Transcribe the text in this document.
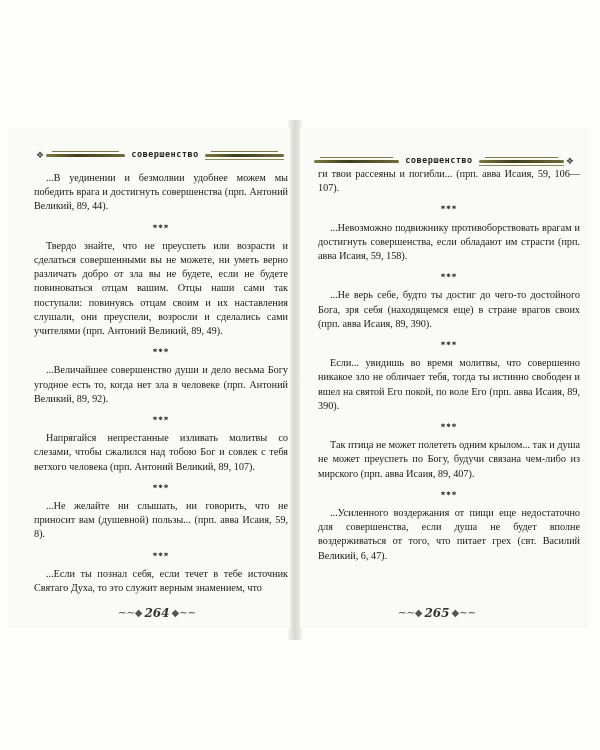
❖	совершенство

...В уединении и безмолвии удобнее можем мы победить врага и достигнуть совершенства (прп. Антоний Великий, 89, 44).

***

Твердо знайте, что не преуспеть или возрасти и сделаться совершенными вы не можете, ни уметь верно различать добро от зла вы не будете, если не будете повиноваться отцам вашим. Отцы наши сами так поступали: повинуясь отцам своим и их наставления слушали, они преуспели, возросли и сделались сами учителями (прп. Антоний Великий, 89, 49).

***

...Величайшее совершенство души и дело весьма Богу угодное есть то, когда нет зла в человеке (прп. Антоний Великий, 89, 92).

***

Напрягайся непрестанные изливать молитвы со слезами, чтобы сжалился над тобою Бог и совлек с тебя ветхого человека (прп. Антоний Великий, 89, 107).

***

...Не желайте ни слышать, ни говорить, что не приносит вам (душевной) пользы... (прп. авва Исаия, 59, 8).

***

...Если ты познал себя, если течет в тебе источник Святаго Духа, то это служит верным знамением, что

∼∼◆ 264 ◆∼∼
совершенство	❖

ги твои рассеяны и погибли... (прп. авва Исаия, 59, 106—107).

***

...Невозможно подвижнику противоборствовать врагам и достигнуть совершенства, если обладают им страсти (прп. авва Исаия, 59, 158).

***

...Не верь себе, будто ты достиг до чего-то достойного Бога, зря себя (находящемся еще) в стране врагов своих (прп. авва Исаия, 89, 390).

***

Если... увидишь во время молитвы, что совершенно никакое зло не обличает тебя, тогда ты истинно свободен и вшел на святой Его покой, по воле Его (прп. авва Исаия, 89, 390).

***

Так птица не может полететь одним крылом... так и душа не может преуспеть по Богу, будучи связана чем-либо из мирского (прп. авва Исаия, 89, 407).

***

...Усиленного воздержания от пищи еще недостаточно для совершенства, если душа не будет вполне воздерживаться от того, что питает грех (свт. Василий Великий, 6, 47).

∼∼◆ 265 ◆∼∼
